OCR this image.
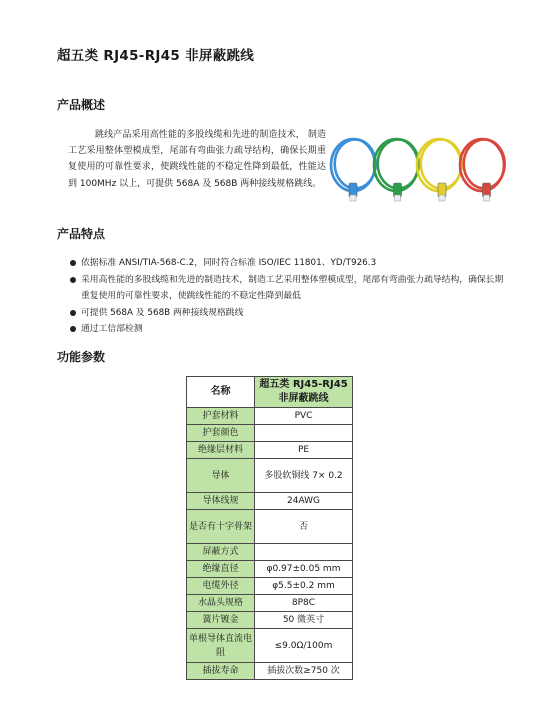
超五类 RJ45-RJ45 非屏蔽跳线
产品概述
跳线产品采用高性能的多股线缆和先进的制造技术， 制造工艺采用整体塑模成型，尾部有弯曲张力疏导结构，确保长期重复使用的可靠性要求，使跳线性能的不稳定性降到最低，性能达到 100MHz 以上，可提供 568A 及 568B 两种接线规格跳线。
产品特点
依据标准 ANSI/TIA-568-C.2，同时符合标准 ISO/IEC 11801、YD/T926.3
采用高性能的多股线缆和先进的制造技术，制造工艺采用整体塑模成型，尾部有弯曲张力疏导结构，确保长期重复使用的可靠性要求，使跳线性能的不稳定性降到最低
可提供 568A 及 568B 两种接线规格跳线
通过工信部检测
功能参数
名称	超五类 RJ45-RJ45 非屏蔽跳线
护套材料	PVC
护套颜色	
绝缘层材料	PE
导体	多股软铜线 7× 0.2
导体线规	24AWG
是否有十字骨架	否
屏蔽方式	
绝缘直径	φ0.97±0.05 mm
电缆外径	φ5.5±0.2 mm
水晶头规格	8P8C
簧片镀金	50 微英寸
单根导体直流电阻	≤9.0Ω/100m
插拔寿命	插拔次数≥750 次
